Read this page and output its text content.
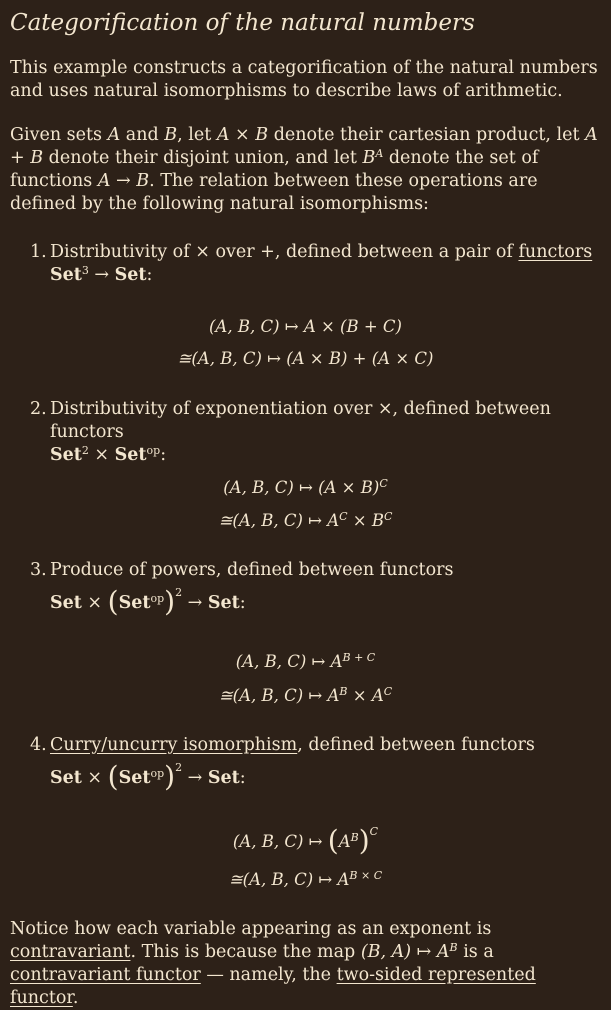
Categorification of the natural numbers

This example constructs a categorification of the natural numbers and uses natural isomorphisms to describe laws of arithmetic.

Given sets A and B, let A × B denote their cartesian product, let A + B denote their disjoint union, and let $B^A$ denote the set of functions A → B. The relation between these operations are defined by the following natural isomorphisms:

1. Distributivity of × over +, defined between a pair of functors
Set$^3$ → Set:
(A, B, C) ↦ A × (B + C)
≅(A, B, C) ↦ (A × B) + (A × C)
2. Distributivity of exponentiation over ×, defined between functors
Set$^2$ × Set$^{op}$:
(A, B, C) ↦ $(A \times B)^C$
≅(A, B, C) ↦ $A^C \times B^C$
3. Produce of powers, defined between functors
Set × $(Set^{op})^2$ → Set:
(A, B, C) ↦ $A^{B + C}$
≅(A, B, C) ↦ $A^B \times A^C$
4. Curry/uncurry isomorphism, defined between functors
Set × $(Set^{op})^2$ → Set:
(A, B, C) ↦ $(A^B)^C$
≅(A, B, C) ↦ $A^{B \times C}$

Notice how each variable appearing as an exponent is contravariant. This is because the map (B, A) ↦ $A^B$ is a contravariant functor — namely, the two-sided represented functor.
